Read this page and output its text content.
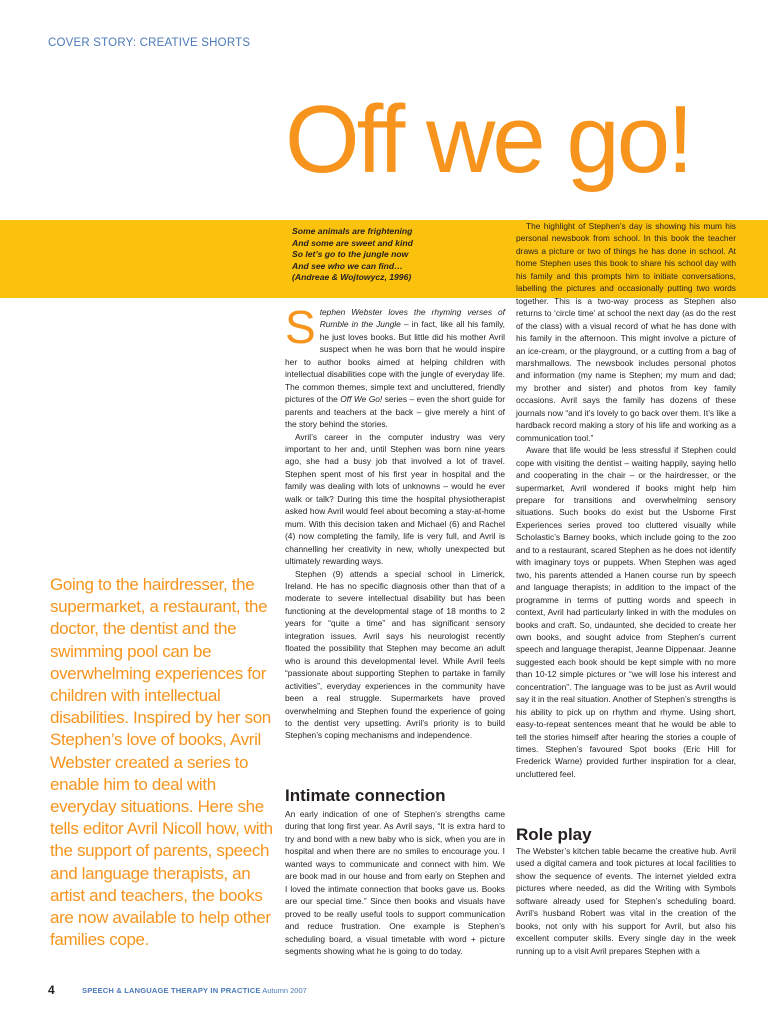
COVER STORY: CREATIVE SHORTS
Off we go!
Some animals are frightening
And some are sweet and kind
So let’s go to the jungle now
And see who we can find…
(Andreae & Wojtowycz, 1996)
Going to the hairdresser, the supermarket, a restaurant, the doctor, the dentist and the swimming pool can be overwhelming experiences for children with intellectual disabilities. Inspired by her son Stephen’s love of books, Avril Webster created a series to enable him to deal with everyday situations. Here she tells editor Avril Nicoll how, with the support of parents, speech and language therapists, an artist and teachers, the books are now available to help other families cope.

Stephen Webster loves the rhyming verses of Rumble in the Jungle – in fact, like all his family, he just loves books. But little did his mother Avril suspect when he was born that he would inspire her to author books aimed at helping children with intellectual disabilities cope with the jungle of everyday life. The common themes, simple text and uncluttered, friendly pictures of the Off We Go! series – even the short guide for parents and teachers at the back – give merely a hint of the story behind the stories.

Avril’s career in the computer industry was very important to her and, until Stephen was born nine years ago, she had a busy job that involved a lot of travel. Stephen spent most of his first year in hospital and the family was dealing with lots of unknowns – would he ever walk or talk? During this time the hospital physiotherapist asked how Avril would feel about becoming a stay-at-home mum. With this decision taken and Michael (6) and Rachel (4) now completing the family, life is very full, and Avril is channelling her creativity in new, wholly unexpected but ultimately rewarding ways.

Stephen (9) attends a special school in Limerick, Ireland. He has no specific diagnosis other than that of a moderate to severe intellectual disability but has been functioning at the developmental stage of 18 months to 2 years for “quite a time” and has significant sensory integration issues. Avril says his neurologist recently floated the possibility that Stephen may become an adult who is around this developmental level. While Avril feels “passionate about supporting Stephen to partake in family activities”, everyday experiences in the community have been a real struggle. Supermarkets have proved overwhelming and Stephen found the experience of going to the dentist very upsetting. Avril’s priority is to build Stephen’s coping mechanisms and independence.

Intimate connection

An early indication of one of Stephen’s strengths came during that long first year. As Avril says, “It is extra hard to try and bond with a new baby who is sick, when you are in hospital and when there are no smiles to encourage you. I wanted ways to communicate and connect with him. We are book mad in our house and from early on Stephen and I loved the intimate connection that books gave us. Books are our special time.” Since then books and visuals have proved to be really useful tools to support communication and reduce frustration. One example is Stephen’s scheduling board, a visual timetable with word + picture segments showing what he is going to do today.

The highlight of Stephen’s day is showing his mum his personal newsbook from school. In this book the teacher draws a picture or two of things he has done in school. At home Stephen uses this book to share his school day with his family and this prompts him to initiate conversations, labelling the pictures and occasionally putting two words together. This is a two-way process as Stephen also returns to ‘circle time’ at school the next day (as do the rest of the class) with a visual record of what he has done with his family in the afternoon. This might involve a picture of an ice-cream, or the playground, or a cutting from a bag of marshmallows. The newsbook includes personal photos and information (my name is Stephen; my mum and dad; my brother and sister) and photos from key family occasions. Avril says the family has dozens of these journals now “and it’s lovely to go back over them. It’s like a hardback record making a story of his life and working as a communication tool.”

Aware that life would be less stressful if Stephen could cope with visiting the dentist – waiting happily, saying hello and cooperating in the chair – or the hairdresser, or the supermarket, Avril wondered if books might help him prepare for transitions and overwhelming sensory situations. Such books do exist but the Usborne First Experiences series proved too cluttered visually while Scholastic’s Barney books, which include going to the zoo and to a restaurant, scared Stephen as he does not identify with imaginary toys or puppets. When Stephen was aged two, his parents attended a Hanen course run by speech and language therapists; in addition to the impact of the programme in terms of putting words and speech in context, Avril had particularly linked in with the modules on books and craft. So, undaunted, she decided to create her own books, and sought advice from Stephen’s current speech and language therapist, Jeanne Dippenaar. Jeanne suggested each book should be kept simple with no more than 10-12 simple pictures or “we will lose his interest and concentration”. The language was to be just as Avril would say it in the real situation. Another of Stephen’s strengths is his ability to pick up on rhythm and rhyme. Using short, easy-to-repeat sentences meant that he would be able to tell the stories himself after hearing the stories a couple of times. Stephen’s favoured Spot books (Eric Hill for Frederick Warne) provided further inspiration for a clear, uncluttered feel.

Role play

The Webster’s kitchen table became the creative hub. Avril used a digital camera and took pictures at local facilities to show the sequence of events. The internet yielded extra pictures where needed, as did the Writing with Symbols software already used for Stephen’s scheduling board. Avril’s husband Robert was vital in the creation of the books, not only with his support for Avril, but also his excellent computer skills. Every single day in the week running up to a visit Avril prepares Stephen with a

4	SPEECH & LANGUAGE THERAPY IN PRACTICE Autumn 2007
